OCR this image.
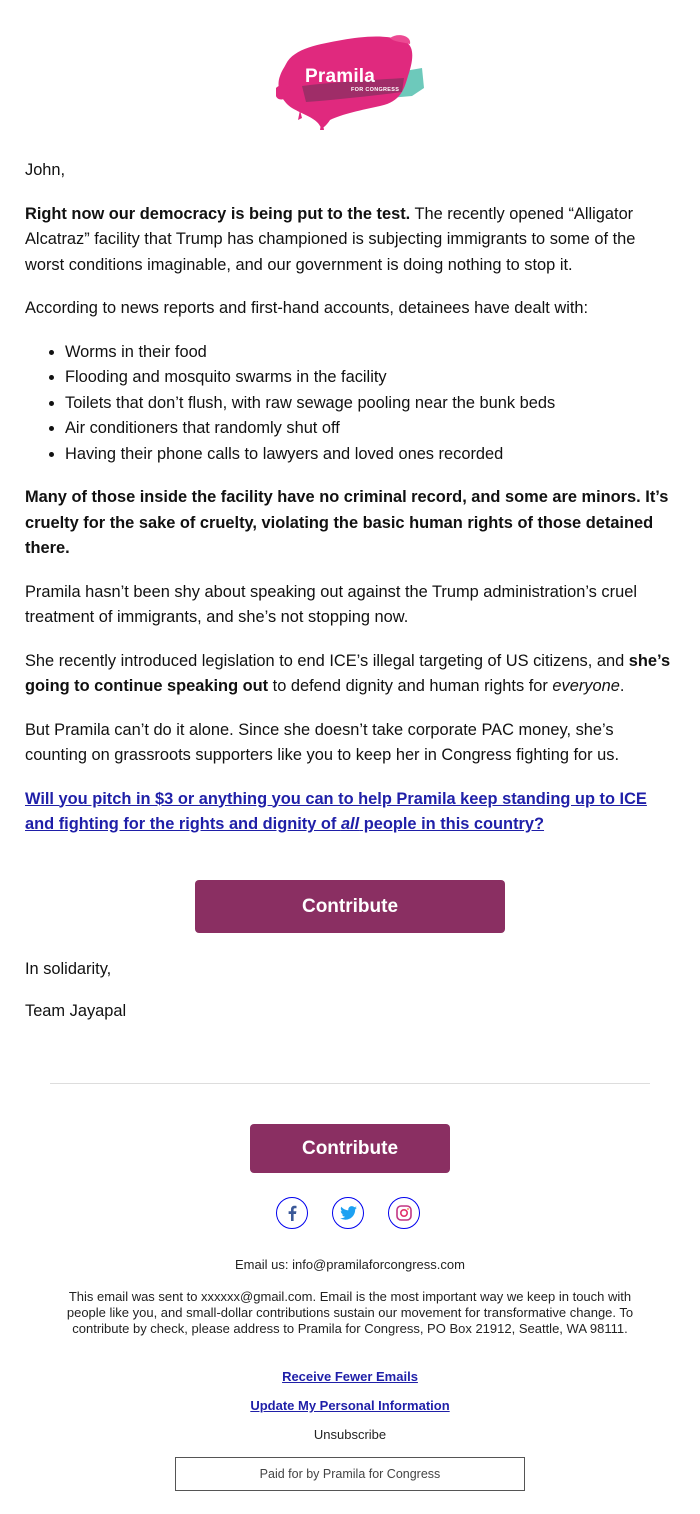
Pramila
FOR CONGRESS

John,

Right now our democracy is being put to the test. The recently opened “Alligator Alcatraz” facility that Trump has championed is subjecting immigrants to some of the worst conditions imaginable, and our government is doing nothing to stop it.

According to news reports and first-hand accounts, detainees have dealt with:

• Worms in their food
• Flooding and mosquito swarms in the facility
• Toilets that don’t flush, with raw sewage pooling near the bunk beds
• Air conditioners that randomly shut off
• Having their phone calls to lawyers and loved ones recorded

Many of those inside the facility have no criminal record, and some are minors. It’s cruelty for the sake of cruelty, violating the basic human rights of those detained there.

Pramila hasn’t been shy about speaking out against the Trump administration’s cruel treatment of immigrants, and she’s not stopping now.

She recently introduced legislation to end ICE’s illegal targeting of US citizens, and she’s going to continue speaking out to defend dignity and human rights for everyone.

But Pramila can’t do it alone. Since she doesn’t take corporate PAC money, she’s counting on grassroots supporters like you to keep her in Congress fighting for us.

Will you pitch in $3 or anything you can to help Pramila keep standing up to ICE and fighting for the rights and dignity of all people in this country?

Contribute

In solidarity,

Team Jayapal

Contribute
Email us: info@pramilaforcongress.com
This email was sent to xxxxxx@gmail.com. Email is the most important way we keep in touch with people like you, and small-dollar contributions sustain our movement for transformative change. To contribute by check, please address to Pramila for Congress, PO Box 21912, Seattle, WA 98111.
Receive Fewer Emails
Update My Personal Information
Unsubscribe
Paid for by Pramila for Congress
